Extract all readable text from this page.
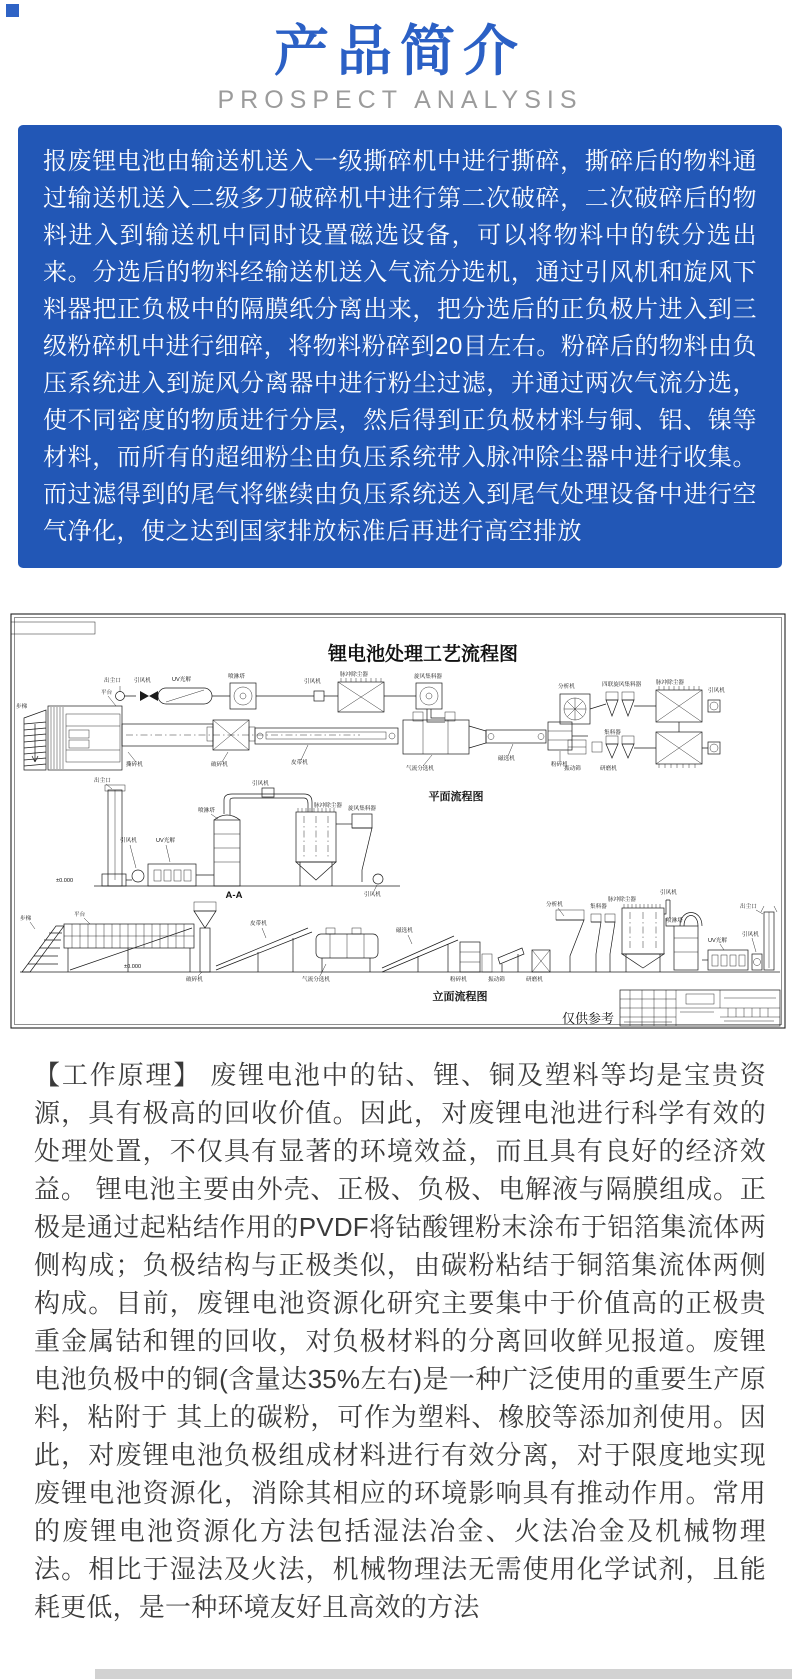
产品简介
PROSPECT ANALYSIS
报废锂电池由输送机送入一级撕碎机中进行撕碎，撕碎后的物料通过输送机送入二级多刀破碎机中进行第二次破碎，二次破碎后的物料进入到输送机中同时设置磁选设备，可以将物料中的铁分选出来。分选后的物料经输送机送入气流分选机，通过引风机和旋风下料器把正负极中的隔膜纸分离出来，把分选后的正负极片进入到三级粉碎机中进行细碎，将物料粉碎到20目左右。粉碎后的物料由负压系统进入到旋风分离器中进行粉尘过滤，并通过两次气流分选，使不同密度的物质进行分层，然后得到正负极材料与铜、铝、镍等材料，而所有的超细粉尘由负压系统带入脉冲除尘器中进行收集。而过滤得到的尾气将继续由负压系统送入到尾气处理设备中进行空气净化，使之达到国家排放标准后再进行高空排放
锂电池处理工艺流程图
步梯
平台
撕碎机	破碎机	皮带机
气流分选机
磁选机
粉碎机
出尘口 引风机	UV光解	喷淋塔
引风机
脉冲除尘器	旋风集料器
分析机	四联旋风集料器	脉冲除尘器
引风机
集料器
振动筛	研磨机
平面流程图
±0.000
出尘口
引风机	UV光解
喷淋塔
引风机
脉冲除尘器 旋风集料器
引风机
A-A
步梯
平台
±0.000
破碎机
皮带机
气流分选机
磁选机
粉碎机	振动筛	研磨机
分析机	集料器
脉冲除尘器
引风机
喷淋塔
UV光解
引风机
出尘口
立面流程图
仅供参考
【工作原理】 废锂电池中的钴、锂、铜及塑料等均是宝贵资源，具有极高的回收价值。因此，对废锂电池进行科学有效的处理处置，不仅具有显著的环境效益，而且具有良好的经济效益。 锂电池主要由外壳、正极、负极、电解液与隔膜组成。正极是通过起粘结作用的PVDF将钴酸锂粉末涂布于铝箔集流体两侧构成；负极结构与正极类似，由碳粉粘结于铜箔集流体两侧构成。目前，废锂电池资源化研究主要集中于价值高的正极贵重金属钴和锂的回收，对负极材料的分离回收鲜见报道。废锂电池负极中的铜(含量达35%左右)是一种广泛使用的重要生产原料，粘附于 其上的碳粉，可作为塑料、橡胶等添加剂使用。因此，对废锂电池负极组成材料进行有效分离，对于限度地实现废锂电池资源化，消除其相应的环境影响具有推动作用。常用的废锂电池资源化方法包括湿法冶金、火法冶金及机械物理法。相比于湿法及火法，机械物理法无需使用化学试剂，且能耗更低，是一种环境友好且高效的方法
